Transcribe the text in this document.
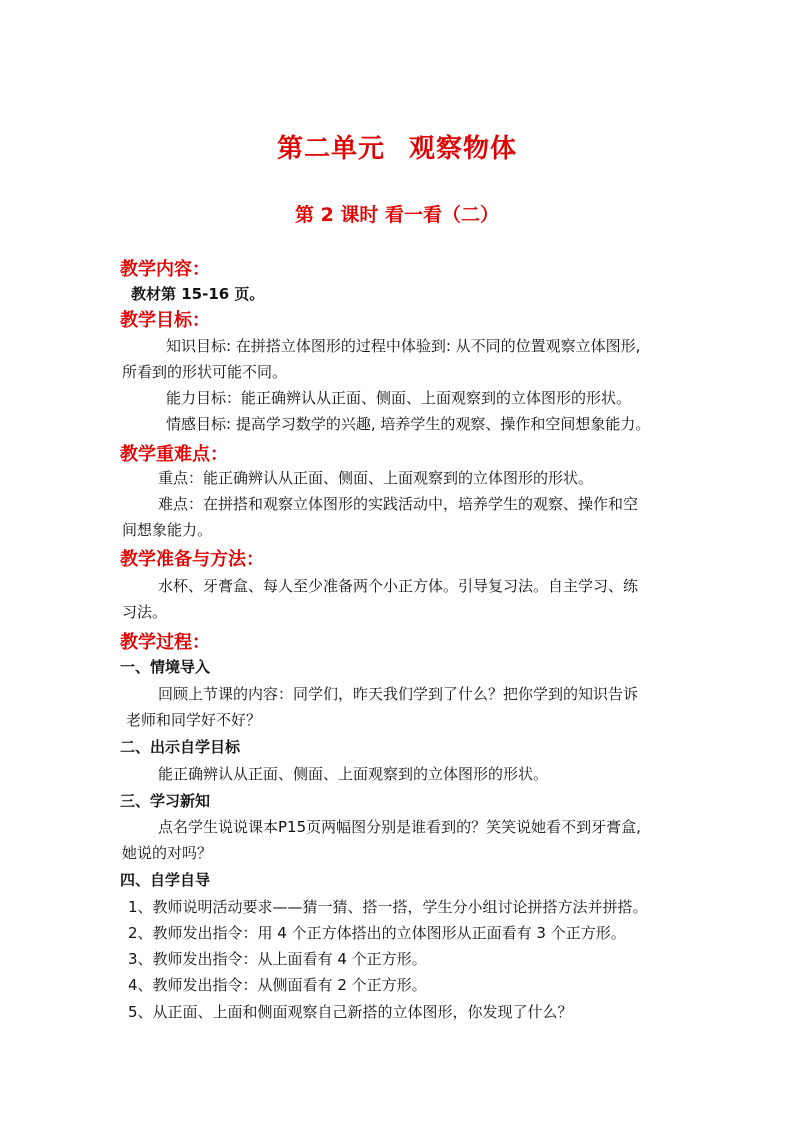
第二单元 观察物体
第 2 课时 看一看（二）
教学内容：
教材第 15-16 页。
教学目标：
知识目标: 在拼搭立体图形的过程中体验到: 从不同的位置观察立体图形,
所看到的形状可能不同。
能力目标：能正确辨认从正面、侧面、上面观察到的立体图形的形状。
情感目标: 提高学习数学的兴趣, 培养学生的观察、操作和空间想象能力。
教学重难点：
重点：能正确辨认从正面、侧面、上面观察到的立体图形的形状。
难点：在拼搭和观察立体图形的实践活动中，培养学生的观察、操作和空
间想象能力。
教学准备与方法：
水杯、牙膏盒、每人至少准备两个小正方体。引导复习法。自主学习、练
习法。
教学过程：
一、情境导入
回顾上节课的内容：同学们，昨天我们学到了什么？把你学到的知识告诉
老师和同学好不好？
二、出示自学目标
能正确辨认从正面、侧面、上面观察到的立体图形的形状。
三、学习新知
点名学生说说课本P15页两幅图分别是谁看到的？笑笑说她看不到牙膏盒,
她说的对吗？
四、自学自导
1、教师说明活动要求——猜一猜、搭一搭，学生分小组讨论拼搭方法并拼搭。
2、教师发出指令：用 4 个正方体搭出的立体图形从正面看有 3 个正方形。
3、教师发出指令：从上面看有 4 个正方形。
4、教师发出指令：从侧面看有 2 个正方形。
5、从正面、上面和侧面观察自己新搭的立体图形，你发现了什么？
